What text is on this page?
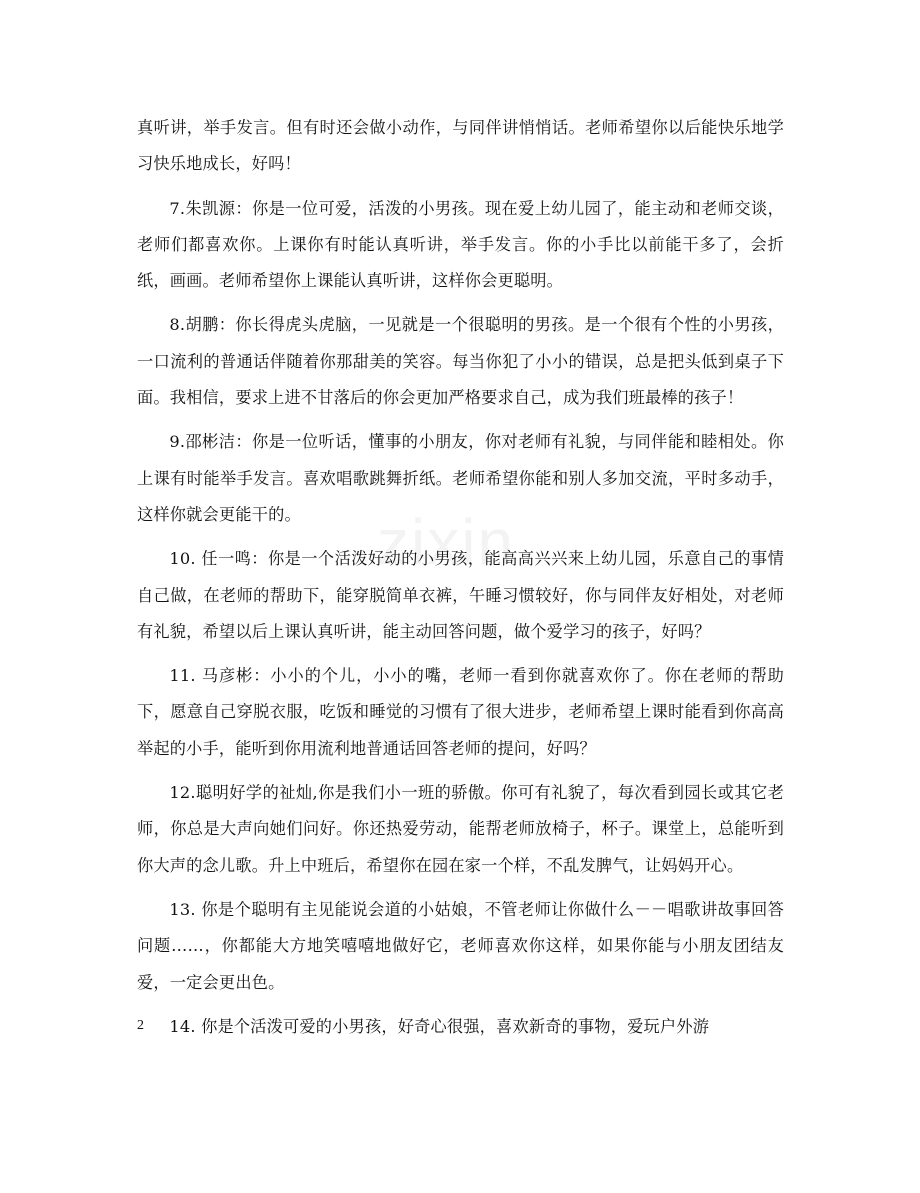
zixin

真听讲，举手发言。但有时还会做小动作，与同伴讲悄悄话。老师希望你以后能快乐地学习快乐地成长，好吗！

7.朱凯源：你是一位可爱，活泼的小男孩。现在爱上幼儿园了，能主动和老师交谈，老师们都喜欢你。上课你有时能认真听讲，举手发言。你的小手比以前能干多了，会折纸，画画。老师希望你上课能认真听讲，这样你会更聪明。

8.胡鹏：你长得虎头虎脑，一见就是一个很聪明的男孩。是一个很有个性的小男孩，一口流利的普通话伴随着你那甜美的笑容。每当你犯了小小的错误，总是把头低到桌子下面。我相信，要求上进不甘落后的你会更加严格要求自己，成为我们班最棒的孩子！

9.邵彬洁：你是一位听话，懂事的小朋友，你对老师有礼貌，与同伴能和睦相处。你上课有时能举手发言。喜欢唱歌跳舞折纸。老师希望你能和别人多加交流，平时多动手，这样你就会更能干的。

10. 任一鸣：你是一个活泼好动的小男孩，能高高兴兴来上幼儿园，乐意自己的事情自己做，在老师的帮助下，能穿脱简单衣裤，午睡习惯较好，你与同伴友好相处，对老师有礼貌，希望以后上课认真听讲，能主动回答问题，做个爱学习的孩子，好吗？

11. 马彦彬：小小的个儿，小小的嘴，老师一看到你就喜欢你了。你在老师的帮助下，愿意自己穿脱衣服，吃饭和睡觉的习惯有了很大进步，老师希望上课时能看到你高高举起的小手，能听到你用流利地普通话回答老师的提问，好吗？

12.聪明好学的祉灿,你是我们小一班的骄傲。你可有礼貌了，每次看到园长或其它老师，你总是大声向她们问好。你还热爱劳动，能帮老师放椅子，杯子。课堂上，总能听到你大声的念儿歌。升上中班后，希望你在园在家一个样，不乱发脾气，让妈妈开心。

13. 你是个聪明有主见能说会道的小姑娘，不管老师让你做什么－－唱歌讲故事回答问题……，你都能大方地笑嘻嘻地做好它，老师喜欢你这样，如果你能与小朋友团结友爱，一定会更出色。

14. 你是个活泼可爱的小男孩，好奇心很强，喜欢新奇的事物，爱玩户外游

2
